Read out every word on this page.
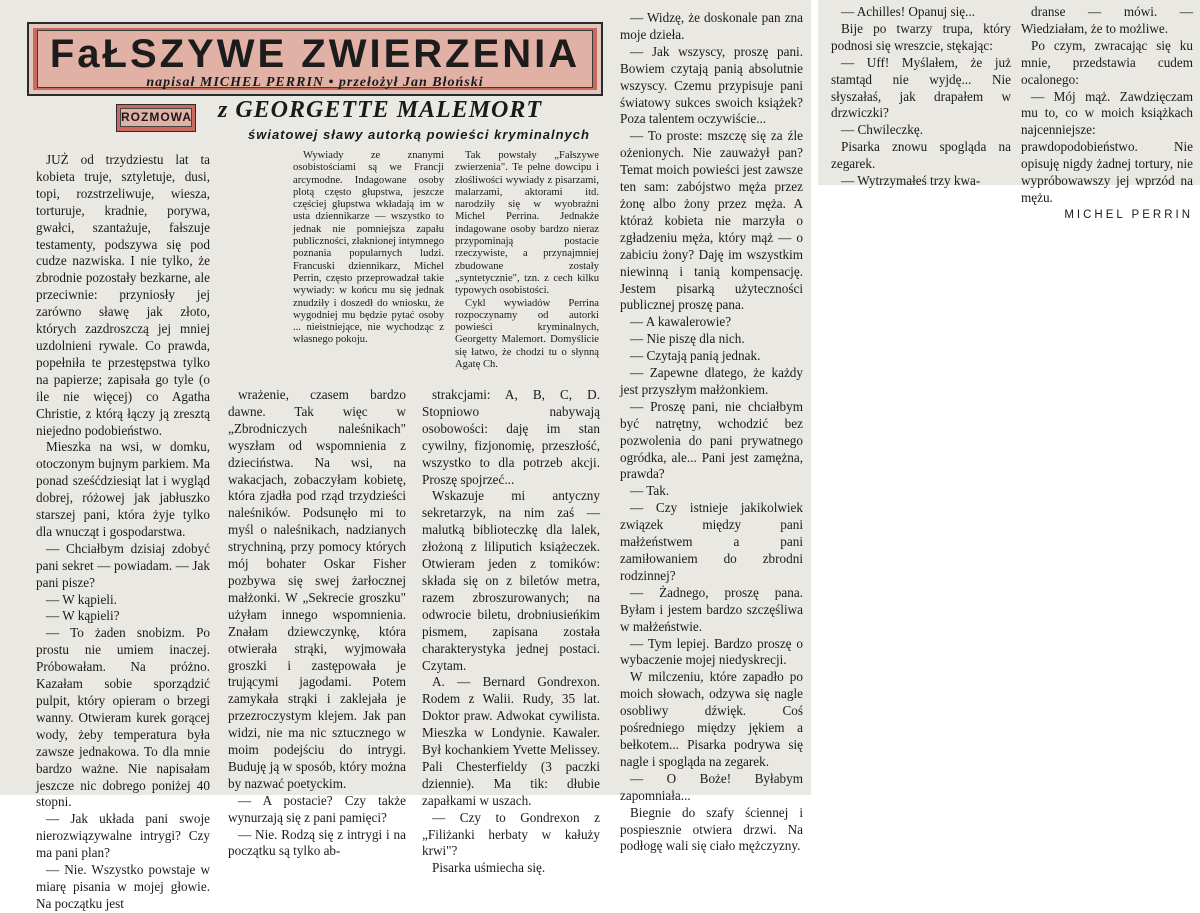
FaŁSZYWE ZWIERZENIA
napisał MICHEL PERRIN • przełożył Jan Błoński
ROZMOWA z GEORGETTE MALEMORT
światowej sławy autorką powieści kryminalnych

Wywiady ze znanymi osobistościami są we Francji arcymodne. Indagowane osoby plotą często głupstwa, jeszcze częściej głupstwa wkładają im w usta dziennikarze — wszystko to jednak nie pomniejsza zapału publiczności, złaknionej intymnego poznania popularnych ludzi. Francuski dziennikarz, Michel Perrin, często przeprowadzał takie wywiady: w końcu mu się jednak znudziły i doszedł do wniosku, że wygodniej mu będzie pytać osoby ... nieistniejące, nie wychodząc z własnego pokoju.

Tak powstały „Fałszywe zwierzenia". Te pełne dowcipu i złośliwości wywiady z pisarzami, malarzami, aktorami itd. narodziły się w wyobraźni Michel Perrina. Jednakże indagowane osoby bardzo nieraz przypominają postacie rzeczywiste, a przynajmniej zbudowane zostały „syntetycznie", tzn. z cech kilku typowych osobistości.

Cykl wywiadów Perrina rozpoczynamy od autorki powieści kryminalnych, Georgetty Malemort. Domyślicie się łatwo, że chodzi tu o słynną Agatę Ch.

JUŻ od trzydziestu lat ta kobieta truje, sztyletuje, dusi, topi, rozstrzeliwuje, wiesza, torturuje, kradnie, porywa, gwałci, szantażuje, fałszuje testamenty, podszywa się pod cudze nazwiska. I nie tylko, że zbrodnie pozostały bezkarne, ale przeciwnie: przyniosły jej zarówno sławę jak złoto, których zazdroszczą jej mniej uzdolnieni rywale. Co prawda, popełniła te przestępstwa tylko na papierze; zapisała go tyle (o ile nie więcej) co Agatha Christie, z którą łączy ją zresztą niejedno podobieństwo.

Mieszka na wsi, w domku, otoczonym bujnym parkiem. Ma ponad sześćdziesiąt lat i wygląd dobrej, różowej jak jabłuszko starszej pani, która żyje tylko dla wnucząt i gospodarstwa.

— Chciałbym dzisiaj zdobyć pani sekret — powiadam. — Jak pani pisze?

— W kąpieli.

— W kąpieli?

— To żaden snobizm. Po prostu nie umiem inaczej. Próbowałam. Na próżno. Kazałam sobie sporządzić pulpit, który opieram o brzegi wanny. Otwieram kurek gorącej wody, żeby temperatura była zawsze jednakowa. To dla mnie bardzo ważne. Nie napisałam jeszcze nic dobrego poniżej 40 stopni.

— Jak układa pani swoje nierozwiązywalne intrygi? Czy ma pani plan?

— Nie. Wszystko powstaje w miarę pisania w mojej głowie. Na początku jest

wrażenie, czasem bardzo dawne. Tak więc w „Zbrodniczych naleśnikach" wyszłam od wspomnienia z dzieciństwa. Na wsi, na wakacjach, zobaczyłam kobietę, która zjadła pod rząd trzydzieści naleśników. Podsunęło mi to myśl o naleśnikach, nadzianych strychniną, przy pomocy których mój bohater Oskar Fisher pozbywa się swej żarłocznej małżonki. W „Sekrecie groszku" użyłam innego wspomnienia. Znałam dziewczynkę, która otwierała strąki, wyjmowała groszki i zastępowała je trującymi jagodami. Potem zamykała strąki i zaklejała je przezroczystym klejem. Jak pan widzi, nie ma nic sztucznego w moim podejściu do intrygi. Buduję ją w sposób, który można by nazwać poetyckim.

— A postacie? Czy także wynurzają się z pani pamięci?

— Nie. Rodzą się z intrygi i na początku są tylko ab-

strakcjami: A, B, C, D. Stopniowo nabywają osobowości: daję im stan cywilny, fizjonomię, przeszłość, wszystko to dla potrzeb akcji. Proszę spojrzeć...

Wskazuje mi antyczny sekretarzyk, na nim zaś — malutką biblioteczkę dla lalek, złożoną z liliputich książeczek. Otwieram jeden z tomików: składa się on z biletów metra, razem zbroszurowanych; na odwrocie biletu, drobniusieńkim pismem, zapisana została charakterystyka jednej postaci. Czytam.

A. — Bernard Gondrexon. Rodem z Walii. Rudy, 35 lat. Doktor praw. Adwokat cywilista. Mieszka w Londynie. Kawaler. Był kochankiem Yvette Melissey. Pali Chesterfieldy (3 paczki dziennie). Ma tik: dłubie zapałkami w uszach.

— Czy to Gondrexon z „Filiżanki herbaty w kałuży krwi"?

Pisarka uśmiecha się.

— Widzę, że doskonale pan zna moje dzieła.

— Jak wszyscy, proszę pani. Bowiem czytają panią absolutnie wszyscy. Czemu przypisuje pani światowy sukces swoich książek? Poza talentem oczywiście...

— To proste: mszczę się za źle ożenionych. Nie zauważył pan? Temat moich powieści jest zawsze ten sam: zabójstwo męża przez żonę albo żony przez męża. A któraż kobieta nie marzyła o zgładzeniu męża, który mąż — o zabiciu żony? Daję im wszystkim niewinną i tanią kompensację. Jestem pisarką użyteczności publicznej proszę pana.

— A kawalerowie?

— Nie piszę dla nich.

— Czytają panią jednak.

— Zapewne dlatego, że każdy jest przyszłym małżonkiem.

— Proszę pani, nie chciałbym być natrętny, wchodzić bez pozwolenia do pani prywatnego ogródka, ale... Pani jest zamężna, prawda?

— Tak.

— Czy istnieje jakikolwiek związek między pani małżeństwem a pani zamiłowaniem do zbrodni rodzinnej?

— Żadnego, proszę pana. Byłam i jestem bardzo szczęśliwa w małżeństwie.

— Tym lepiej. Bardzo proszę o wybaczenie mojej niedyskrecji.

W milczeniu, które zapadło po moich słowach, odzywa się nagle osobliwy dźwięk. Coś pośredniego między jękiem a bełkotem... Pisarka podrywa się nagle i spogląda na zegarek.

— O Boże! Byłabym zapomniała...

Biegnie do szafy ściennej i pospiesznie otwiera drzwi. Na podłogę wali się ciało mężczyzny.

— Achilles! Opanuj się...

Bije po twarzy trupa, który podnosi się wreszcie, stękając:

— Uff! Myślałem, że już stamtąd nie wyjdę... Nie słyszałaś, jak drapałem w drzwiczki?

— Chwileczkę.

Pisarka znowu spogląda na zegarek.

— Wytrzymałeś trzy kwa-

dranse — mówi. — Wiedziałam, że to możliwe.

Po czym, zwracając się ku mnie, przedstawia cudem ocalonego:

— Mój mąż. Zawdzięczam mu to, co w moich książkach najcenniejsze: prawdopodobieństwo. Nie opisuję nigdy żadnej tortury, nie wypróbowawszy jej wprzód na mężu.

MICHEL PERRIN
